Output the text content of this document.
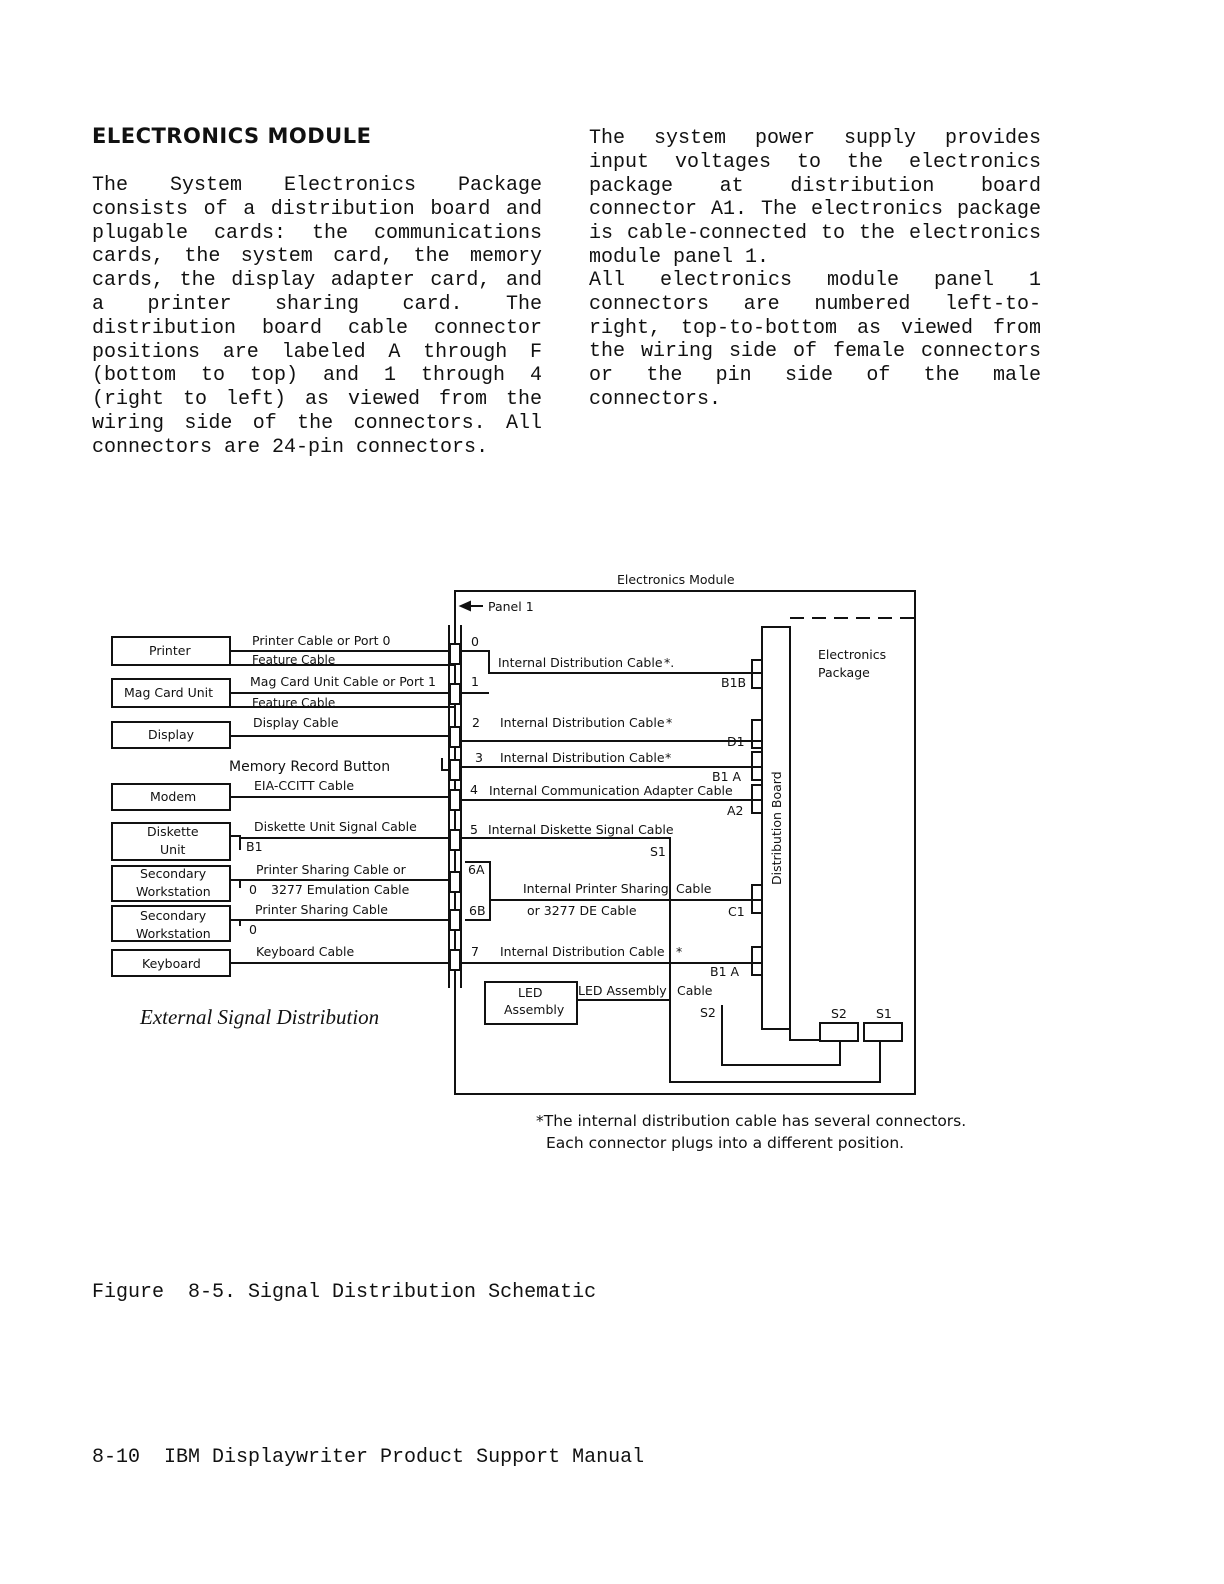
ELECTRONICS MODULE

The System Electronics Package consists of a distribution board and plugable cards: the communications cards, the system card, the memory cards, the display adapter card, and a printer sharing card. The distribution board cable connector positions are labeled A through F (bottom to top) and 1 through 4 (right to left) as viewed from the wiring side of the connectors. All connectors are 24-pin connectors.

The system power supply provides input voltages to the electronics package at distribution board connector A1. The electronics package is cable-connected to the electronics module panel 1.

All electronics module panel 1 connectors are numbered left-to- right, top-to-bottom as viewed from the wiring side of female connectors or the pin side of the male connectors.

Electronics Module
Panel 1
Electronics
Package
Distribution Board
Printer
Mag Card Unit
Display
Modem
Diskette
Unit
Secondary
Workstation
Secondary
Workstation
Keyboard
Printer Cable or Port 0
Feature Cable
Mag Card Unit Cable or Port 1
Feature Cable
Display Cable
Memory Record Button
EIA-CCITT Cable
Diskette Unit Signal Cable
B1
Printer Sharing Cable or
0 3277 Emulation Cable
Printer Sharing Cable
0
Keyboard Cable
0
1
2
3
4
5
6A
6B
7
Internal Distribution Cable *.
Internal Distribution Cable *
Internal Distribution Cable *
Internal Communication Adapter Cable
Internal Diskette Signal Cable
Internal Printer Sharing Cable
or 3277 DE Cable
Internal Distribution Cable *
B1B
D1
B1 A
A2
S1
C1
B1 A
S2	S2 S1
LED
Assembly
LED Assembly Cable
External Signal Distribution

*The internal distribution cable has several connectors.
Each connector plugs into a different position.

Figure  8-5. Signal Distribution Schematic

8-10  IBM Displaywriter Product Support Manual
